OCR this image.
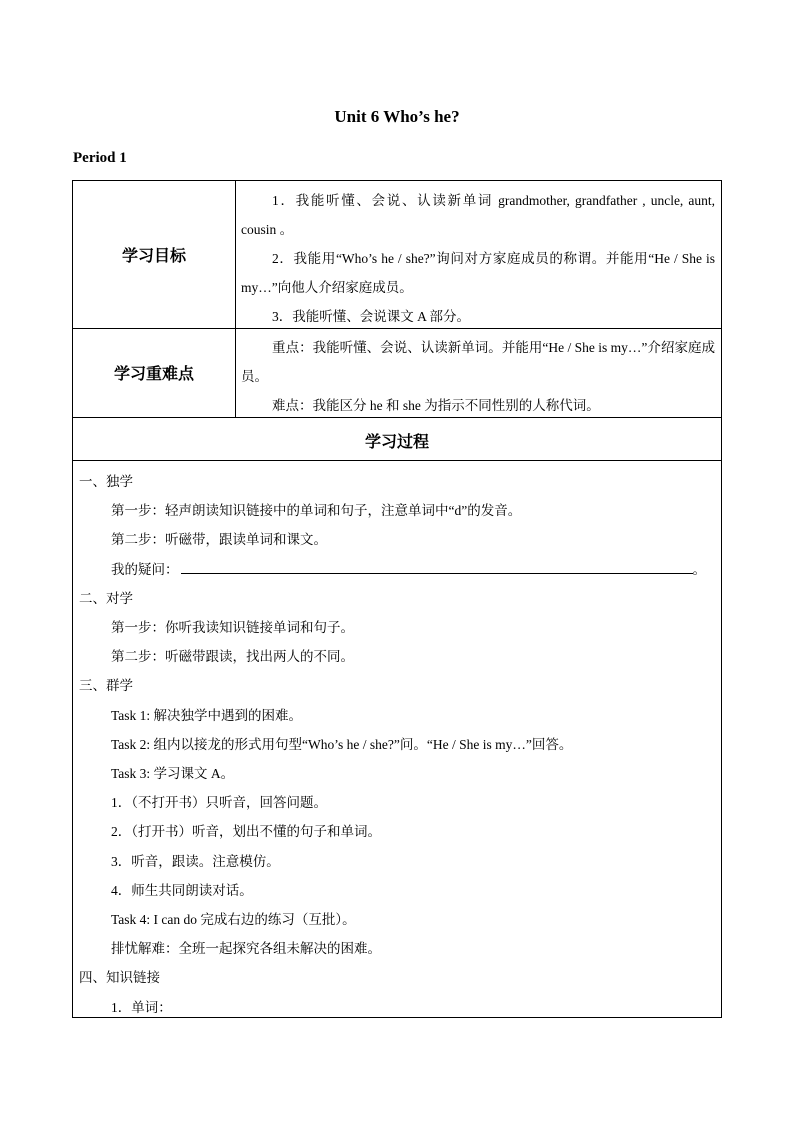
Unit 6 Who’s he?
Period 1
学习目标

1．我能听懂、会说、认读新单词 grandmother, grandfather , uncle, aunt, cousin 。

2．我能用“Who’s he / she?”询问对方家庭成员的称谓。并能用“He / She is my…”向他人介绍家庭成员。

3．我能听懂、会说课文 A 部分。

学习重难点

重点：我能听懂、会说、认读新单词。并能用“He / She is my…”介绍家庭成员。

难点：我能区分 he 和 she 为指示不同性别的人称代词。

学习过程

一、独学

第一步：轻声朗读知识链接中的单词和句子，注意单词中“d”的发音。

第二步：听磁带，跟读单词和课文。

我的疑问：	。

二、对学

第一步：你听我读知识链接单词和句子。

第二步：听磁带跟读，找出两人的不同。

三、群学

Task 1: 解决独学中遇到的困难。

Task 2: 组内以接龙的形式用句型“Who’s he / she?”问。“He / She is my…”回答。

Task 3: 学习课文 A。

1．（不打开书）只听音，回答问题。

2．（打开书）听音，划出不懂的句子和单词。

3．听音，跟读。注意模仿。

4．师生共同朗读对话。

Task 4: I can do 完成右边的练习（互批）。

排忧解难：全班一起探究各组未解决的困难。

四、知识链接

1．单词：
